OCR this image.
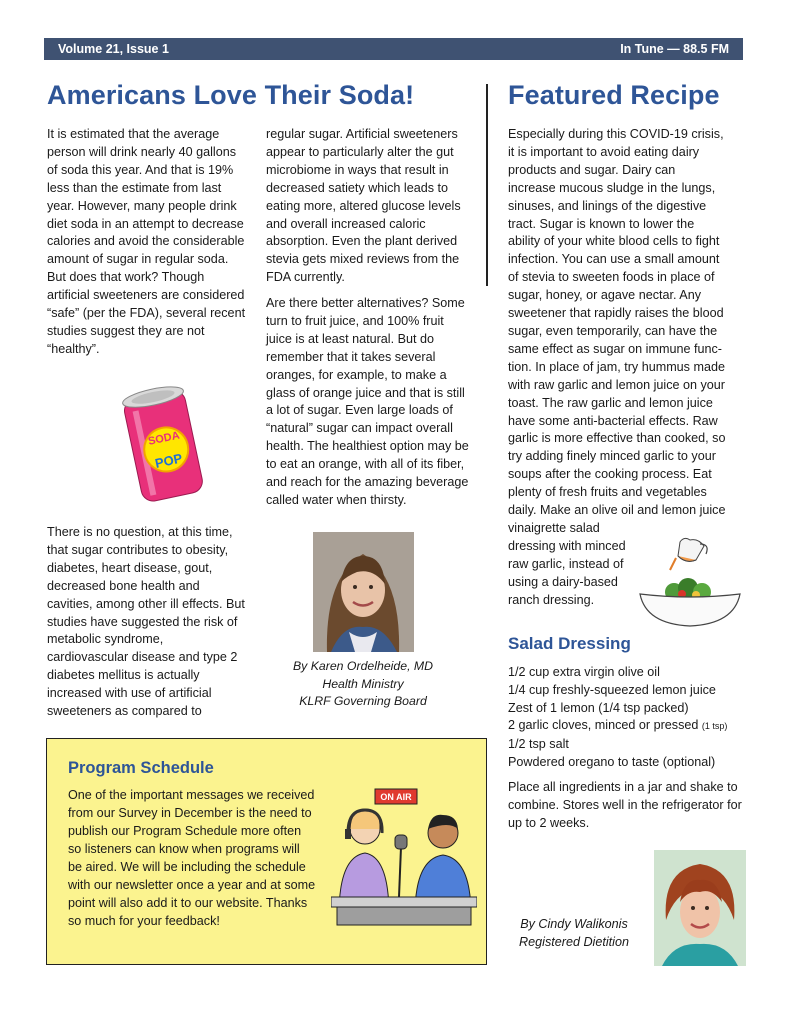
Volume 21, Issue 1	In Tune — 88.5 FM
Americans Love Their Soda!
It is estimated that the average person will drink nearly 40 gallons of soda this year. And that is 19% less than the estimate from last year. However, many people drink diet soda in an attempt to decrease calories and avoid the considerable amount of sugar in regular soda. But does that work? Though artificial sweeteners are considered “safe” (per the FDA), several recent studies suggest they are not “healthy”.
SODA
POP
There is no question, at this time, that sugar contributes to obesity, diabetes, heart disease, gout, decreased bone health and cavities, among other ill effects. But studies have suggested the risk of metabolic syndrome, cardiovascular disease and type 2 diabetes mellitus is actually increased with use of artificial sweeteners as compared to
regular sugar. Artificial sweeteners appear to particularly alter the gut microbiome in ways that result in decreased satiety which leads to eating more, altered glucose levels and overall increased caloric absorption. Even the plant derived stevia gets mixed reviews from the FDA currently.
Are there better alternatives? Some turn to fruit juice, and 100% fruit juice is at least natural. But do remember that it takes several oranges, for example, to make a glass of orange juice and that is still a lot of sugar. Even large loads of “natural” sugar can impact overall health. The healthiest option may be to eat an orange, with all of its fiber, and reach for the amazing beverage called water when thirsty.
By Karen Ordelheide, MD
Health Ministry
KLRF Governing Board
Program Schedule
One of the important messages we received from our Survey in December is the need to publish our Program Schedule more often so listeners can know when programs will be aired. We will be including the schedule with our newsletter once a year and at some point will also add it to our website. Thanks so much for your feedback!
ON AIR
Featured Recipe
Especially during this COVID-19 crisis,
it is important to avoid eating dairy
products and sugar. Dairy can
increase mucous sludge in the lungs,
sinuses, and linings of the digestive
tract. Sugar is known to lower the
ability of your white blood cells to fight
infection. You can use a small amount
of stevia to sweeten foods in place of
sugar, honey, or agave nectar. Any
sweetener that rapidly raises the blood
sugar, even temporarily, can have the
same effect as sugar on immune func-
tion. In place of jam, try hummus made
with raw garlic and lemon juice on your
toast. The raw garlic and lemon juice
have some anti-bacterial effects. Raw
garlic is more effective than cooked, so
try adding finely minced garlic to your
soups after the cooking process. Eat
plenty of fresh fruits and vegetables
daily. Make an olive oil and lemon juice
vinaigrette salad
dressing with minced
raw garlic, instead of
using a dairy-based
ranch dressing.
Salad Dressing
1/2 cup extra virgin olive oil
1/4 cup freshly-squeezed lemon juice
Zest of 1 lemon (1/4 tsp packed)
2 garlic cloves, minced or pressed (1 tsp)
1/2 tsp salt
Powdered oregano to taste (optional)
Place all ingredients in a jar and shake to combine. Stores well in the refrigerator for up to 2 weeks.
By Cindy Walikonis
Registered Dietition
